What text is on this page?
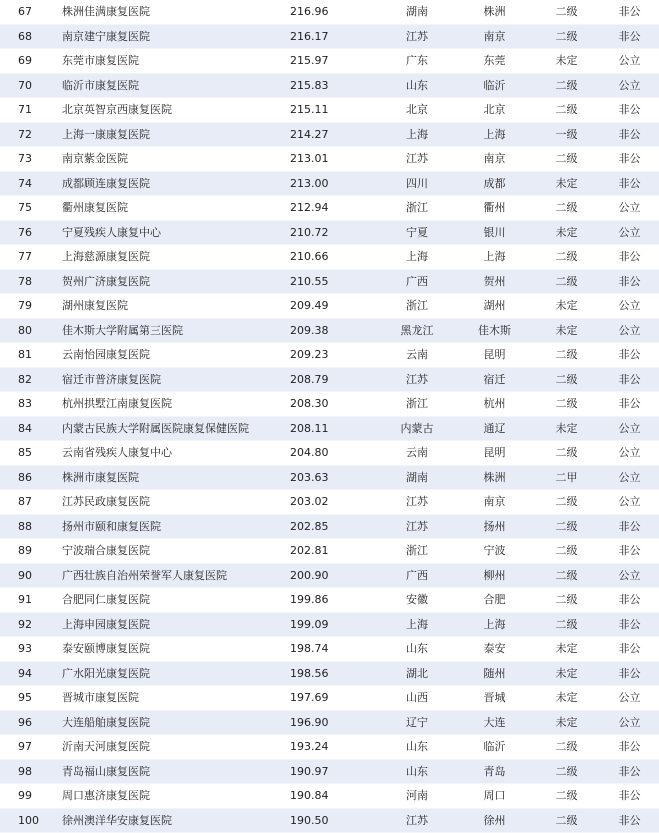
67	株洲佳满康复医院	216.96	湖南	株洲	二级	非公
68	南京建宁康复医院	216.17	江苏	南京	二级	非公
69	东莞市康复医院	215.97	广东	东莞	未定	公立
70	临沂市康复医院	215.83	山东	临沂	二级	公立
71	北京英智京西康复医院	215.11	北京	北京	二级	非公
72	上海一康康复医院	214.27	上海	上海	一级	非公
73	南京紫金医院	213.01	江苏	南京	二级	非公
74	成都顾连康复医院	213.00	四川	成都	未定	非公
75	衢州康复医院	212.94	浙江	衢州	二级	公立
76	宁夏残疾人康复中心	210.72	宁夏	银川	未定	公立
77	上海慈源康复医院	210.66	上海	上海	二级	非公
78	贺州广济康复医院	210.55	广西	贺州	二级	非公
79	湖州康复医院	209.49	浙江	湖州	未定	公立
80	佳木斯大学附属第三医院	209.38	黑龙江	佳木斯	未定	公立
81	云南怡园康复医院	209.23	云南	昆明	二级	非公
82	宿迁市普济康复医院	208.79	江苏	宿迁	二级	非公
83	杭州拱墅江南康复医院	208.30	浙江	杭州	二级	非公
84	内蒙古民族大学附属医院康复保健医院	208.11	内蒙古	通辽	未定	公立
85	云南省残疾人康复中心	204.80	云南	昆明	二级	公立
86	株洲市康复医院	203.63	湖南	株洲	二甲	公立
87	江苏民政康复医院	203.02	江苏	南京	二级	公立
88	扬州市颐和康复医院	202.85	江苏	扬州	二级	非公
89	宁波瑞合康复医院	202.81	浙江	宁波	二级	非公
90	广西壮族自治州荣誉军人康复医院	200.90	广西	柳州	二级	公立
91	合肥同仁康复医院	199.86	安徽	合肥	二级	非公
92	上海申园康复医院	199.09	上海	上海	二级	非公
93	泰安颐博康复医院	198.74	山东	泰安	未定	非公
94	广水阳光康复医院	198.56	湖北	随州	未定	非公
95	晋城市康复医院	197.69	山西	晋城	未定	公立
96	大连船舶康复医院	196.90	辽宁	大连	未定	公立
97	沂南天河康复医院	193.24	山东	临沂	二级	非公
98	青岛福山康复医院	190.97	山东	青岛	二级	非公
99	周口惠济康复医院	190.84	河南	周口	二级	非公
100	徐州澳洋华安康复医院	190.50	江苏	徐州	二级	非公
